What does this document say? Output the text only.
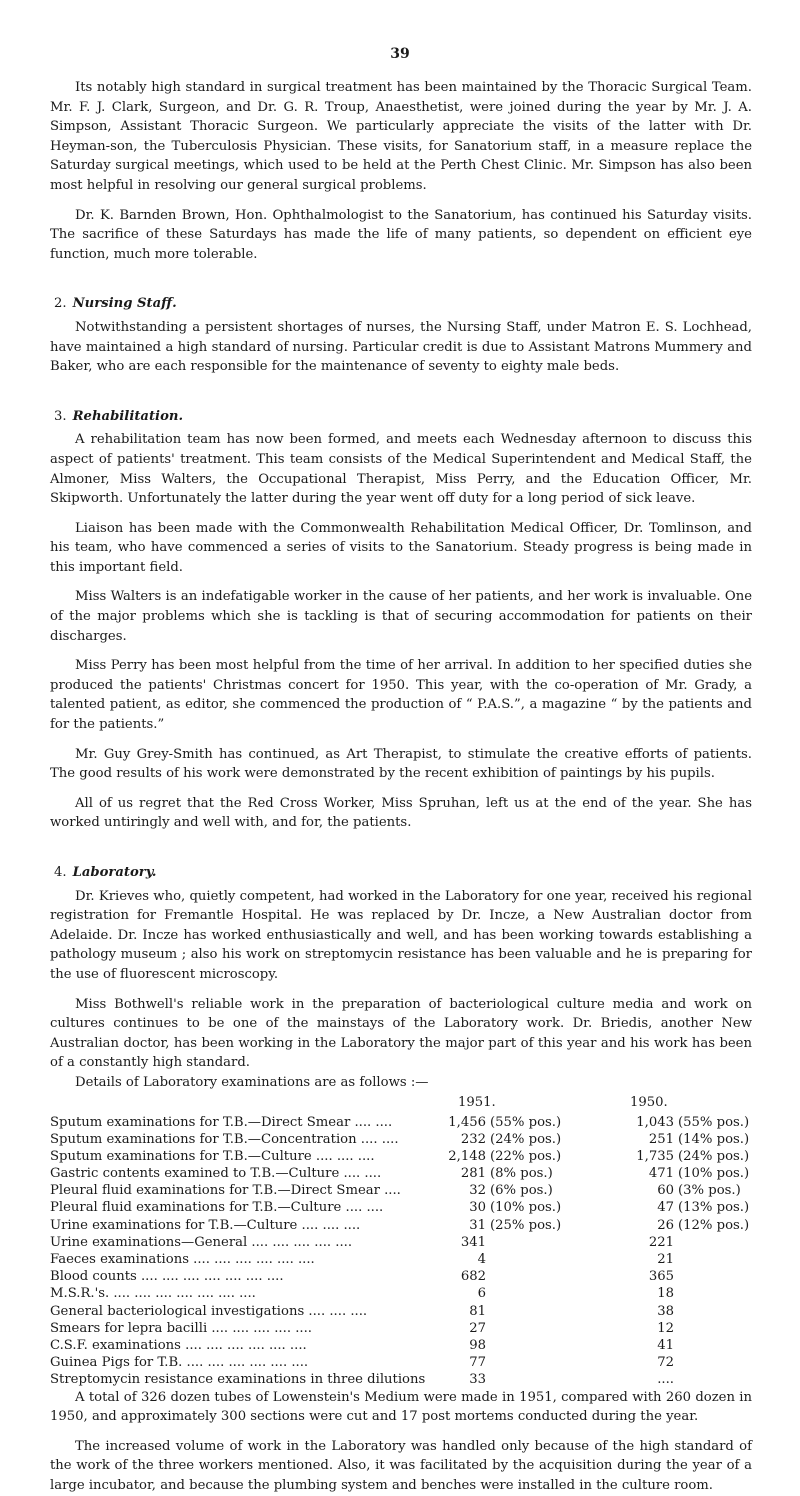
39

Its notably high standard in surgical treatment has been maintained by the Thoracic Surgical Team. Mr. F. J. Clark, Surgeon, and Dr. G. R. Troup, Anaesthetist, were joined during the year by Mr. J. A. Simpson, Assistant Thoracic Surgeon. We particularly appreciate the visits of the latter with Dr. Heyman-son, the Tuberculosis Physician. These visits, for Sanatorium staff, in a measure replace the Saturday surgical meetings, which used to be held at the Perth Chest Clinic. Mr. Simpson has also been most helpful in resolving our general surgical problems.

Dr. K. Barnden Brown, Hon. Ophthalmologist to the Sanatorium, has continued his Saturday visits. The sacrifice of these Saturdays has made the life of many patients, so dependent on efficient eye function, much more tolerable.

2. Nursing Staff.

Notwithstanding a persistent shortages of nurses, the Nursing Staff, under Matron E. S. Lochhead, have maintained a high standard of nursing. Particular credit is due to Assistant Matrons Mummery and Baker, who are each responsible for the maintenance of seventy to eighty male beds.

3. Rehabilitation.

A rehabilitation team has now been formed, and meets each Wednesday afternoon to discuss this aspect of patients' treatment. This team consists of the Medical Superintendent and Medical Staff, the Almoner, Miss Walters, the Occupational Therapist, Miss Perry, and the Education Officer, Mr. Skipworth. Unfortunately the latter during the year went off duty for a long period of sick leave.

Liaison has been made with the Commonwealth Rehabilitation Medical Officer, Dr. Tomlinson, and his team, who have commenced a series of visits to the Sanatorium. Steady progress is being made in this important field.

Miss Walters is an indefatigable worker in the cause of her patients, and her work is invaluable. One of the major problems which she is tackling is that of securing accommodation for patients on their discharges.

Miss Perry has been most helpful from the time of her arrival. In addition to her specified duties she produced the patients' Christmas concert for 1950. This year, with the co-operation of Mr. Grady, a talented patient, as editor, she commenced the production of “ P.A.S.”, a magazine “ by the patients and for the patients.”

Mr. Guy Grey-Smith has continued, as Art Therapist, to stimulate the creative efforts of patients. The good results of his work were demonstrated by the recent exhibition of paintings by his pupils.

All of us regret that the Red Cross Worker, Miss Spruhan, left us at the end of the year. She has worked untiringly and well with, and for, the patients.

4. Laboratory.

Dr. Krieves who, quietly competent, had worked in the Laboratory for one year, received his regional registration for Fremantle Hospital. He was replaced by Dr. Incze, a New Australian doctor from Adelaide. Dr. Incze has worked enthusiastically and well, and has been working towards establishing a pathology museum ; also his work on streptomycin resistance has been valuable and he is preparing for the use of fluorescent microscopy.

Miss Bothwell's reliable work in the preparation of bacteriological culture media and work on cultures continues to be one of the mainstays of the Laboratory work. Dr. Briedis, another New Australian doctor, has been working in the Laboratory the major part of this year and his work has been of a constantly high standard.

Details of Laboratory examinations are as follows :—

1951.	1950.
Sputum examinations for T.B.—Direct Smear .... ....	1,456 (55% pos.)	1,043 (55% pos.)
Sputum examinations for T.B.—Concentration .... ....	232 (24% pos.)	251 (14% pos.)
Sputum examinations for T.B.—Culture .... .... ....	2,148 (22% pos.)	1,735 (24% pos.)
Gastric contents examined to T.B.—Culture .... ....	281 (8% pos.)	471 (10% pos.)
Pleural fluid examinations for T.B.—Direct Smear ....	32 (6% pos.)	60 (3% pos.)
Pleural fluid examinations for T.B.—Culture .... ....	30 (10% pos.)	47 (13% pos.)
Urine examinations for T.B.—Culture .... .... ....	31 (25% pos.)	26 (12% pos.)
Urine examinations—General .... .... .... .... ....	341	221
Faeces examinations .... .... .... .... .... ....	4	21
Blood counts .... .... .... .... .... .... ....	682	365
M.S.R.'s. .... .... .... .... .... .... ....	6	18
General bacteriological investigations .... .... ....	81	38
Smears for lepra bacilli .... .... .... .... ....	27	12
C.S.F. examinations .... .... .... .... .... ....	98	41
Guinea Pigs for T.B. .... .... .... .... .... ....	77	72
Streptomycin resistance examinations in three dilutions	33	....

A total of 326 dozen tubes of Lowenstein's Medium were made in 1951, compared with 260 dozen in 1950, and approximately 300 sections were cut and 17 post mortems conducted during the year.

The increased volume of work in the Laboratory was handled only because of the high standard of the work of the three workers mentioned. Also, it was facilitated by the acquisition during the year of a large incubator, and because the plumbing system and benches were installed in the culture room.
